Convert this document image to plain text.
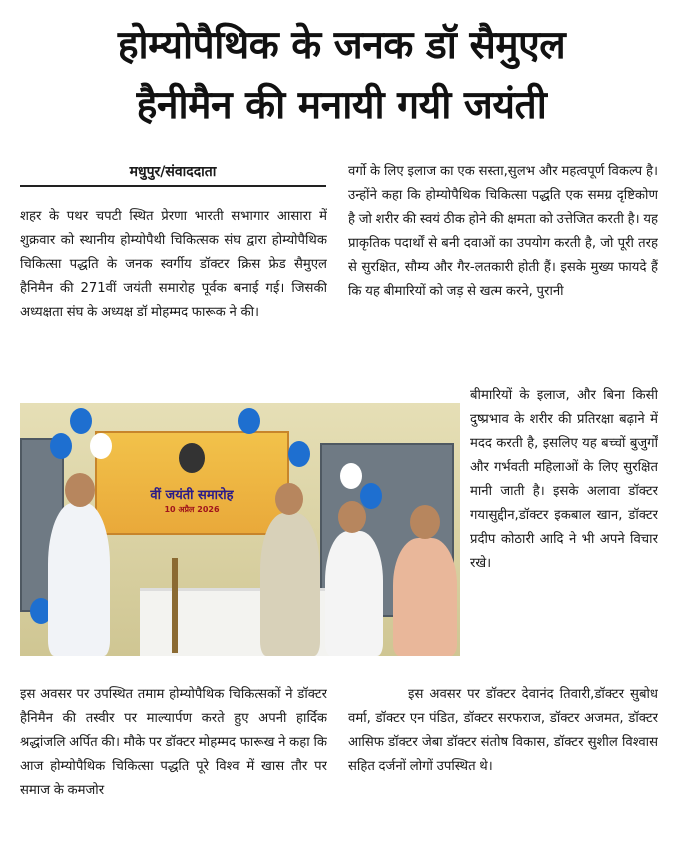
होम्योपैथिक के जनक डॉ सैमुएल
हैनीमैन की मनायी गयी जयंती
मधुपुर/संवाददाता
शहर के पथर चपटी स्थित प्रेरणा भारती सभागार आसारा में शुक्रवार को स्थानीय होम्योपैथी चिकित्सक संघ द्वारा होम्योपैथिक चिकित्सा पद्धति के जनक स्वर्गीय डॉक्टर क्रिस फ्रेड सैमुएल हैनिमैन की 271वीं जयंती समारोह पूर्वक बनाई गई। जिसकी अध्यक्षता संघ के अध्यक्ष डॉ मोहम्मद फारूक ने की।
वर्गो के लिए इलाज का एक सस्ता,सुलभ और महत्वपूर्ण विकल्प है। उन्होंने कहा कि होम्योपैथिक चिकित्सा पद्धति एक समग्र दृष्टिकोण है जो शरीर की स्वयं ठीक होने की क्षमता को उत्तेजित करती है। यह प्राकृतिक पदार्थों से बनी दवाओं का उपयोग करती है, जो पूरी तरह से सुरक्षित, सौम्य और गैर-लतकारी होती हैं। इसके मुख्य फायदे हैं कि यह बीमारियों को जड़ से खत्म करने, पुरानी
वीं जयंती समारोह
10 अप्रैल 2026
बीमारियों के इलाज, और बिना किसी दुष्प्रभाव के शरीर की प्रतिरक्षा बढ़ाने में मदद करती है, इसलिए यह बच्चों बुजुर्गों और गर्भवती महिलाओं के लिए सुरक्षित मानी जाती है। इसके अलावा डॉक्टर गयासुद्दीन,डॉक्टर इकबाल खान, डॉक्टर प्रदीप कोठारी आदि ने भी अपने विचार रखे।
इस अवसर पर उपस्थित तमाम होम्योपैथिक चिकित्सकों ने डॉक्टर हैनिमैन की तस्वीर पर माल्यार्पण करते हुए अपनी हार्दिक श्रद्धांजलि अर्पित की। मौके पर डॉक्टर मोहम्मद फारूख ने कहा कि आज होम्योपैथिक चिकित्सा पद्धति पूरे विश्व में खास तौर पर समाज के कमजोर
इस अवसर पर डॉक्टर देवानंद तिवारी,डॉक्टर सुबोध वर्मा, डॉक्टर एन पंडित, डॉक्टर सरफराज, डॉक्टर अजमत, डॉक्टर आसिफ डॉक्टर जेबा डॉक्टर संतोष विकास, डॉक्टर सुशील विश्वास सहित दर्जनों लोगों उपस्थित थे।
